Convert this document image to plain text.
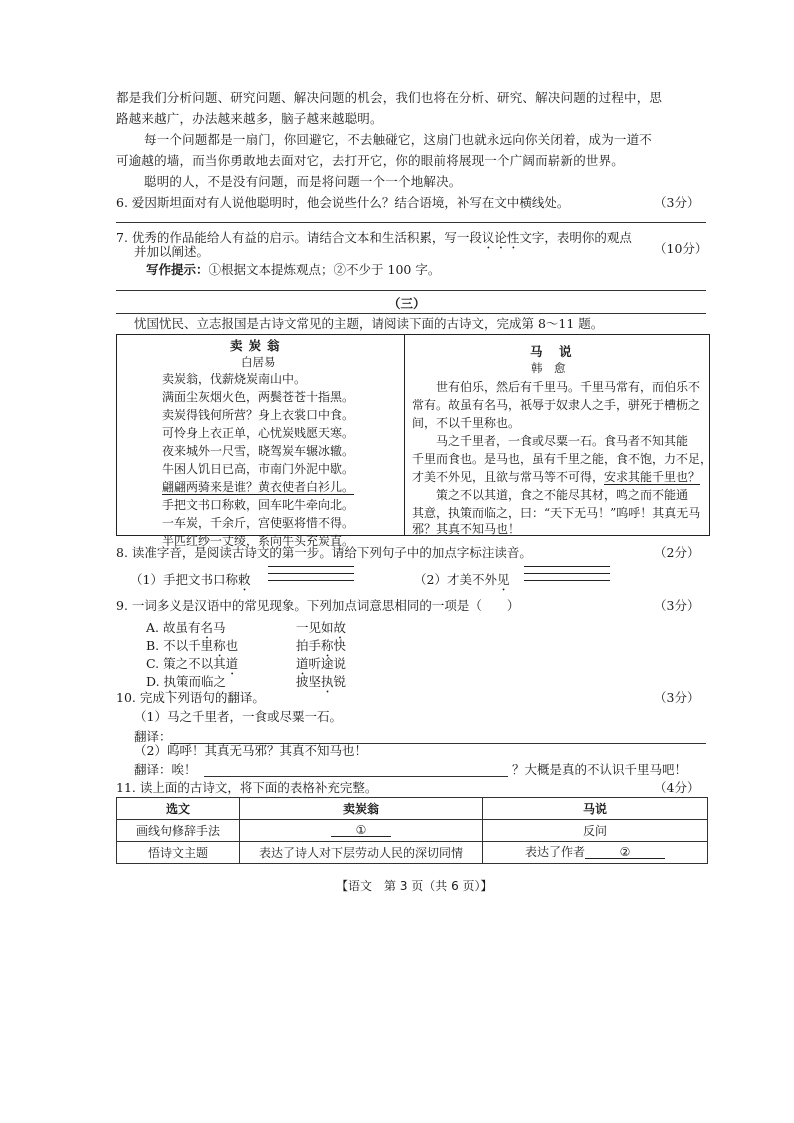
都是我们分析问题、研究问题、解决问题的机会，我们也将在分析、研究、解决问题的过程中，思
路越来越广，办法越来越多，脑子越来越聪明。
每一个问题都是一扇门，你回避它，不去触碰它，这扇门也就永远向你关闭着，成为一道不
可逾越的墙，而当你勇敢地去面对它，去打开它，你的眼前将展现一个广阔而崭新的世界。
聪明的人，不是没有问题，而是将问题一个一个地解决。
6. 爱因斯坦面对有人说他聪明时，他会说些什么？结合语境，补写在文中横线处。	（3分）
7. 优秀的作品能给人有益的启示。请结合文本和生活积累，写一段议论性文字，表明你的观点
并加以阐述。	（10分）
写作提示：①根据文本提炼观点；②不少于 100 字。
（三）
忧国忧民、立志报国是古诗文常见的主题，请阅读下面的古诗文，完成第 8～11 题。
卖炭翁
白居易
卖炭翁，伐薪烧炭南山中。
满面尘灰烟火色，两鬓苍苍十指黑。
卖炭得钱何所营？身上衣裳口中食。
可怜身上衣正单，心忧炭贱愿天寒。
夜来城外一尺雪，晓驾炭车辗冰辙。
牛困人饥日已高，市南门外泥中歇。
翩翩两骑来是谁？黄衣使者白衫儿。
手把文书口称敕，回车叱牛牵向北。
一车炭，千余斤，宫使驱将惜不得。
半匹红纱一丈绫，系向牛头充炭直。
马　说
韩　愈
　　世有伯乐，然后有千里马。千里马常有，而伯乐不
常有。故虽有名马，祇辱于奴隶人之手，骈死于槽枥之
间，不以千里称也。
　　马之千里者，一食或尽粟一石。食马者不知其能
千里而食也。是马也，虽有千里之能，食不饱，力不足，
才美不外见，且欲与常马等不可得，安求其能千里也？
　　策之不以其道，食之不能尽其材，鸣之而不能通
其意，执策而临之，曰：“天下无马！”呜呼！其真无马
邪？其真不知马也！
8. 读准字音，是阅读古诗文的第一步。请给下列句子中的加点字标注读音。	（2分）
（1）手把文书口称敕	（2）才美不外见
9. 一词多义是汉语中的常见现象。下列加点词意思相同的一项是（　　）	（3分）
A. 故虽有名马	一见如故
B. 不以千里称也	拍手称快
C. 策之不以其道	道听途说
D. 执策而临之	披坚执锐
10. 完成下列语句的翻译。	（3分）
（1）马之千里者，一食或尽粟一石。
翻译：
（2）呜呼！其真无马邪？其真不知马也！
翻译：唉！	？大概是真的不认识千里马吧！
11. 读上面的古诗文，将下面的表格补充完整。	（4分）
选文	卖炭翁	马说
画线句修辞手法	①	反问
悟诗文主题	表达了诗人对下层劳动人民的深切同情	表达了作者 ②
【语文　第 3 页（共 6 页）】
